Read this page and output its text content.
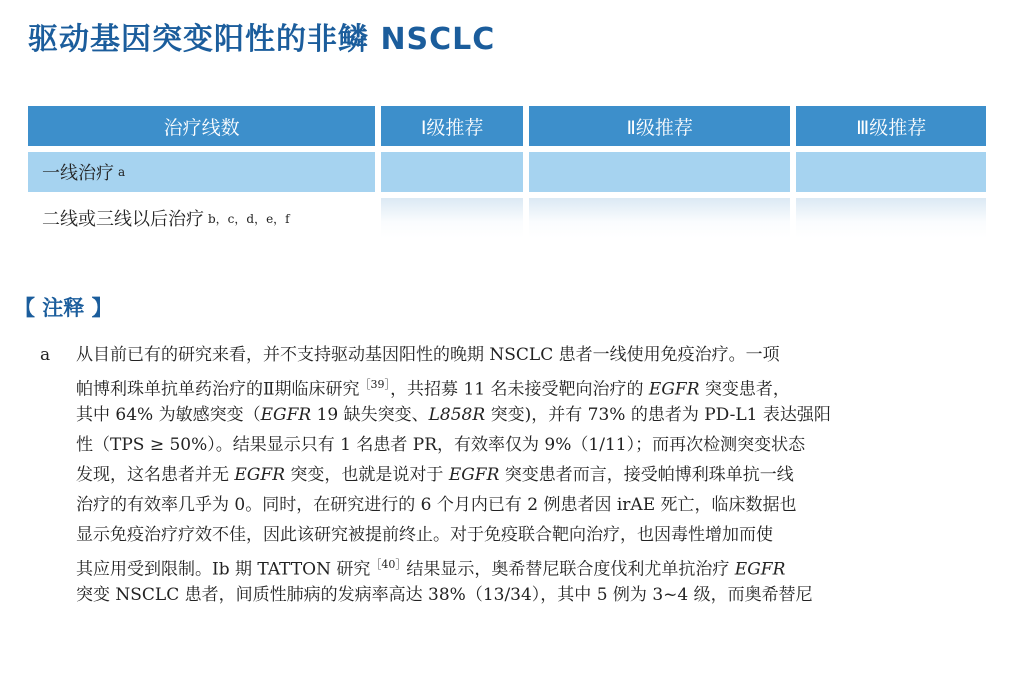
驱动基因突变阳性的非鳞 NSCLC
治疗线数	Ⅰ级推荐	Ⅱ级推荐	Ⅲ级推荐
一线治疗 a
二线或三线以后治疗 b，c，d，e，f
【 注释 】
a	从目前已有的研究来看，并不支持驱动基因阳性的晚期 NSCLC 患者一线使用免疫治疗。一项
帕博利珠单抗单药治疗的Ⅱ期临床研究$^{[39]}$，共招募 11 名未接受靶向治疗的 EGFR 突变患者，
其中 64% 为敏感突变（EGFR 19 缺失突变、L858R 突变)，并有 73% 的患者为 PD-L1 表达强阳
性（TPS ≥ 50%）。结果显示只有 1 名患者 PR，有效率仅为 9%（1/11）；而再次检测突变状态
发现，这名患者并无 EGFR 突变，也就是说对于 EGFR 突变患者而言，接受帕博利珠单抗一线
治疗的有效率几乎为 0。同时，在研究进行的 6 个月内已有 2 例患者因 irAE 死亡，临床数据也
显示免疫治疗疗效不佳，因此该研究被提前终止。对于免疫联合靶向治疗，也因毒性增加而使
其应用受到限制。Ⅰb 期 TATTON 研究$^{[40]}$结果显示，奥希替尼联合度伐利尤单抗治疗 EGFR
突变 NSCLC 患者，间质性肺病的发病率高达 38%（13/34），其中 5 例为 3~4 级，而奥希替尼
